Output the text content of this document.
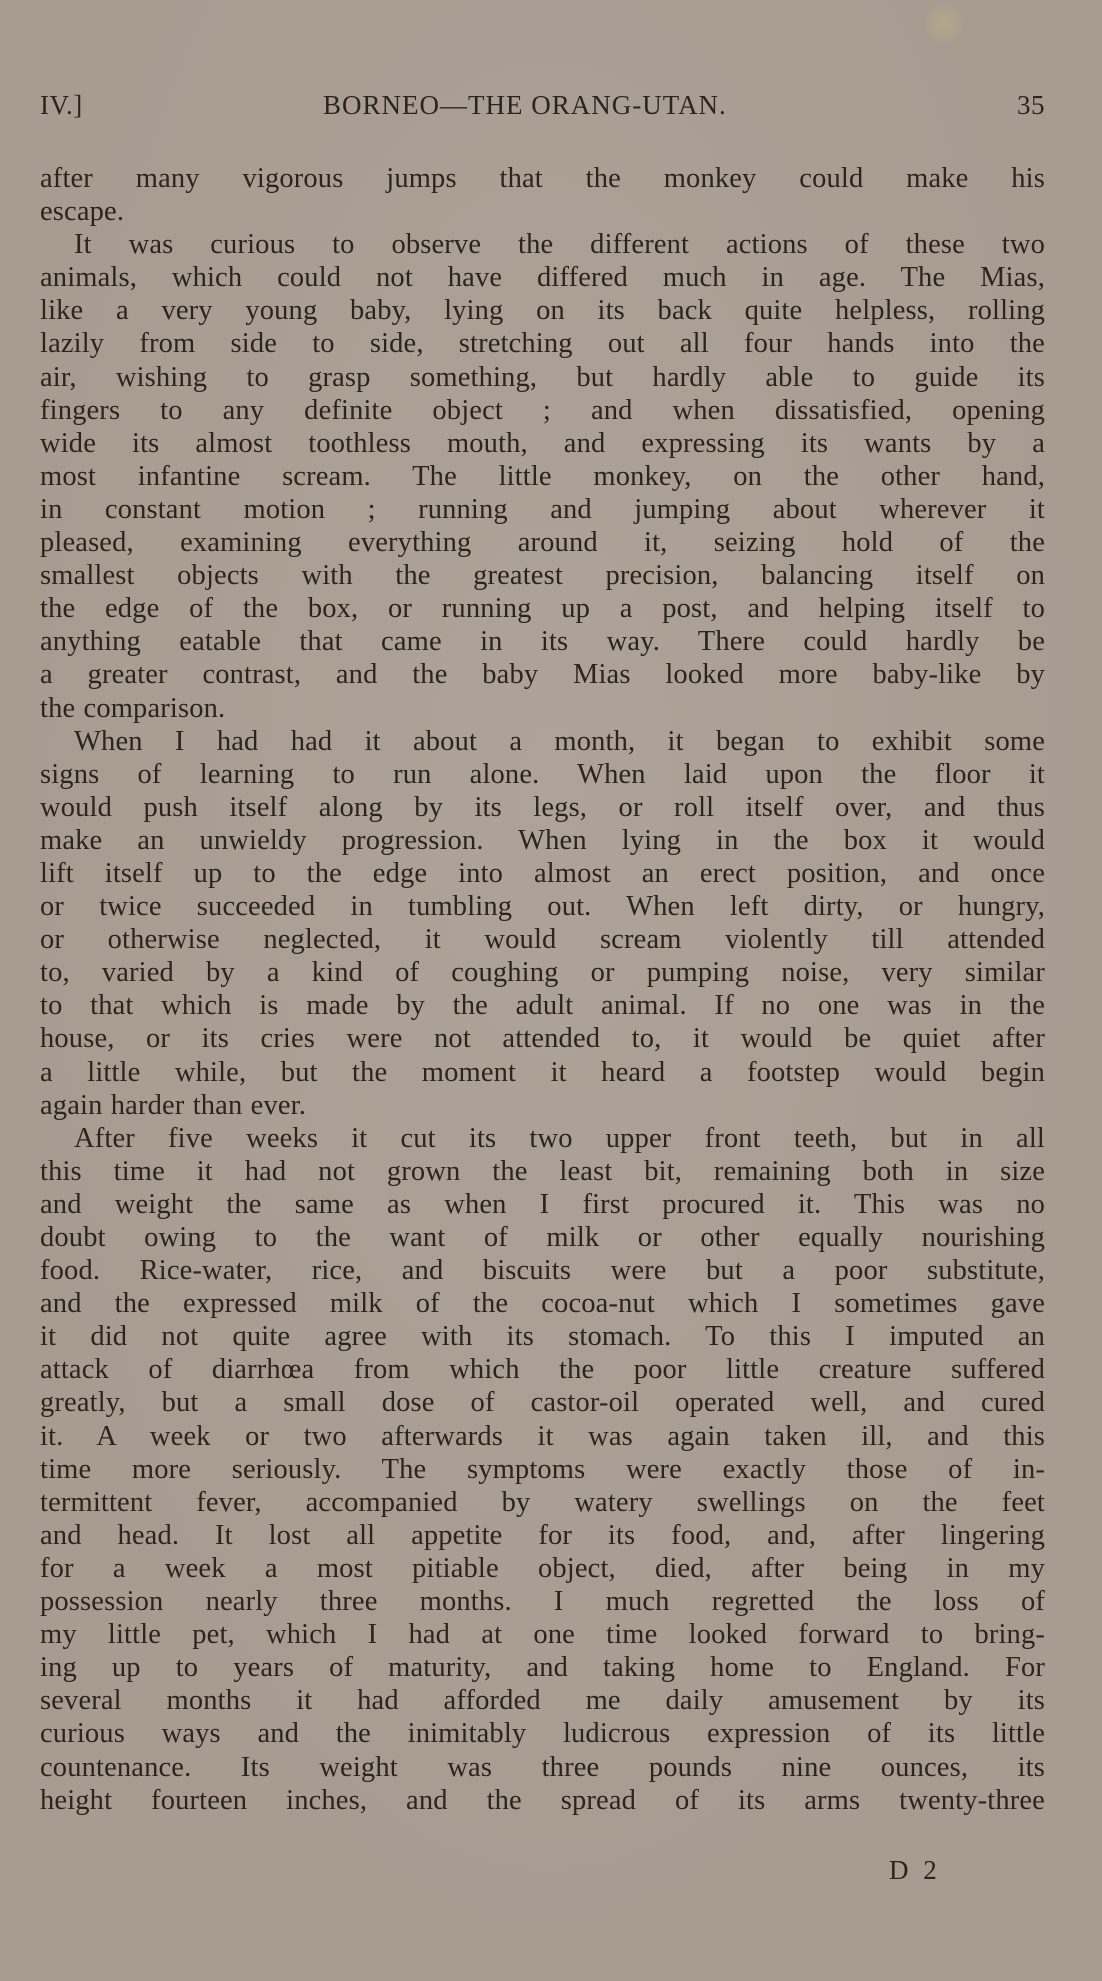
IV.]	BORNEO—THE ORANG-UTAN.	35
after many vigorous jumps that the monkey could make his
escape.
It was curious to observe the different actions of these two
animals, which could not have differed much in age. The Mias,
like a very young baby, lying on its back quite helpless, rolling
lazily from side to side, stretching out all four hands into the
air, wishing to grasp something, but hardly able to guide its
fingers to any definite object ; and when dissatisfied, opening
wide its almost toothless mouth, and expressing its wants by a
most infantine scream. The little monkey, on the other hand,
in constant motion ; running and jumping about wherever it
pleased, examining everything around it, seizing hold of the
smallest objects with the greatest precision, balancing itself on
the edge of the box, or running up a post, and helping itself to
anything eatable that came in its way. There could hardly be
a greater contrast, and the baby Mias looked more baby-like by
the comparison.
When I had had it about a month, it began to exhibit some
signs of learning to run alone. When laid upon the floor it
would push itself along by its legs, or roll itself over, and thus
make an unwieldy progression. When lying in the box it would
lift itself up to the edge into almost an erect position, and once
or twice succeeded in tumbling out. When left dirty, or hungry,
or otherwise neglected, it would scream violently till attended
to, varied by a kind of coughing or pumping noise, very similar
to that which is made by the adult animal. If no one was in the
house, or its cries were not attended to, it would be quiet after
a little while, but the moment it heard a footstep would begin
again harder than ever.
After five weeks it cut its two upper front teeth, but in all
this time it had not grown the least bit, remaining both in size
and weight the same as when I first procured it. This was no
doubt owing to the want of milk or other equally nourishing
food. Rice-water, rice, and biscuits were but a poor substitute,
and the expressed milk of the cocoa-nut which I sometimes gave
it did not quite agree with its stomach. To this I imputed an
attack of diarrhœa from which the poor little creature suffered
greatly, but a small dose of castor-oil operated well, and cured
it. A week or two afterwards it was again taken ill, and this
time more seriously. The symptoms were exactly those of in-
termittent fever, accompanied by watery swellings on the feet
and head. It lost all appetite for its food, and, after lingering
for a week a most pitiable object, died, after being in my
possession nearly three months. I much regretted the loss of
my little pet, which I had at one time looked forward to bring-
ing up to years of maturity, and taking home to England. For
several months it had afforded me daily amusement by its
curious ways and the inimitably ludicrous expression of its little
countenance. Its weight was three pounds nine ounces, its
height fourteen inches, and the spread of its arms twenty-three
D 2
